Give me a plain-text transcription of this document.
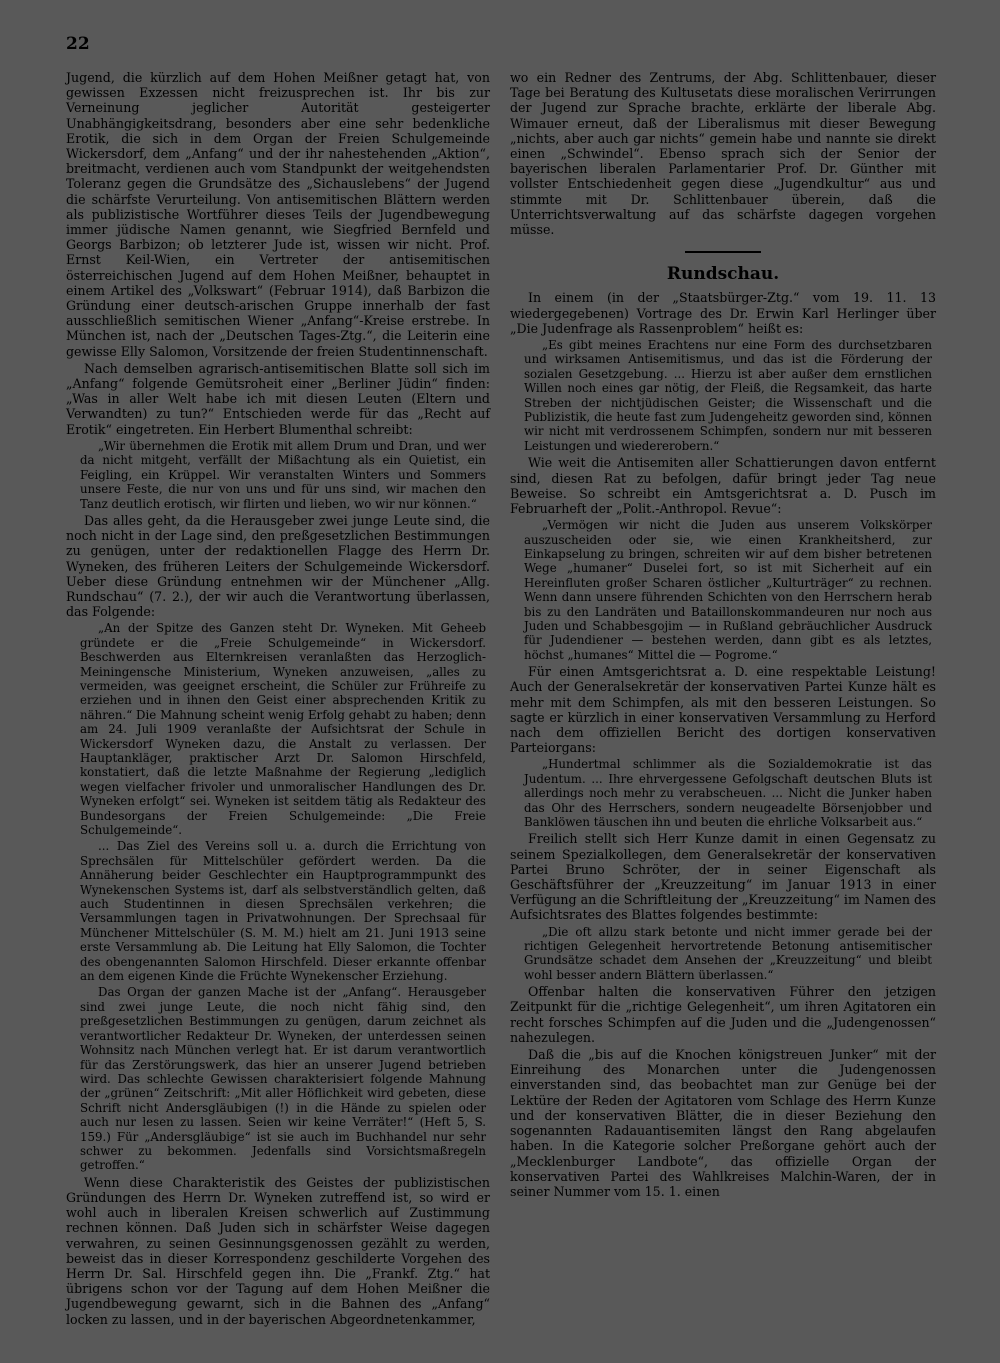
22

Jugend, die kürzlich auf dem Hohen Meißner getagt hat, von gewissen Exzessen nicht freizusprechen ist. Ihr bis zur Verneinung jeglicher Autorität gesteigerter Unabhängigkeitsdrang, besonders aber eine sehr bedenkliche Erotik, die sich in dem Organ der Freien Schulgemeinde Wickersdorf, dem „Anfang“ und der ihr nahestehenden „Aktion“, breitmacht, verdienen auch vom Standpunkt der weitgehendsten Toleranz gegen die Grundsätze des „Sichauslebens“ der Jugend die schärfste Verurteilung. Von antisemitischen Blättern werden als publizistische Wortführer dieses Teils der Jugendbewegung immer jüdische Namen genannt, wie Siegfried Bernfeld und Georgs Barbizon; ob letzterer Jude ist, wissen wir nicht. Prof. Ernst Keil-Wien, ein Vertreter der antisemitischen österreichischen Jugend auf dem Hohen Meißner, behauptet in einem Artikel des „Volkswart“ (Februar 1914), daß Barbizon die Gründung einer deutsch-arischen Gruppe innerhalb der fast ausschließlich semitischen Wiener „Anfang“-Kreise erstrebe. In München ist, nach der „Deutschen Tages-Ztg.“, die Leiterin eine gewisse Elly Salomon, Vorsitzende der freien Studentinnenschaft.

Nach demselben agrarisch-antisemitischen Blatte soll sich im „Anfang“ folgende Gemütsroheit einer „Berliner Jüdin“ finden: „Was in aller Welt habe ich mit diesen Leuten (Eltern und Verwandten) zu tun?“ Entschieden werde für das „Recht auf Erotik“ eingetreten. Ein Herbert Blumenthal schreibt:

„Wir übernehmen die Erotik mit allem Drum und Dran, und wer da nicht mitgeht, verfällt der Mißachtung als ein Quietist, ein Feigling, ein Krüppel. Wir veranstalten Winters und Sommers unsere Feste, die nur von uns und für uns sind, wir machen den Tanz deutlich erotisch, wir flirten und lieben, wo wir nur können.“

Das alles geht, da die Herausgeber zwei junge Leute sind, die noch nicht in der Lage sind, den preßgesetzlichen Bestimmungen zu genügen, unter der redaktionellen Flagge des Herrn Dr. Wyneken, des früheren Leiters der Schulgemeinde Wickersdorf. Ueber diese Gründung entnehmen wir der Münchener „Allg. Rundschau“ (7. 2.), der wir auch die Verantwortung überlassen, das Folgende:

„An der Spitze des Ganzen steht Dr. Wyneken. Mit Geheeb gründete er die „Freie Schulgemeinde“ in Wickersdorf. Beschwerden aus Elternkreisen veranlaßten das Herzoglich-Meiningensche Ministerium, Wyneken anzuweisen, „alles zu vermeiden, was geeignet erscheint, die Schüler zur Frühreife zu erziehen und in ihnen den Geist einer absprechenden Kritik zu nähren.“ Die Mahnung scheint wenig Erfolg gehabt zu haben; denn am 24. Juli 1909 veranlaßte der Aufsichtsrat der Schule in Wickersdorf Wyneken dazu, die Anstalt zu verlassen. Der Hauptankläger, praktischer Arzt Dr. Salomon Hirschfeld, konstatiert, daß die letzte Maßnahme der Regierung „lediglich wegen vielfacher frivoler und unmoralischer Handlungen des Dr. Wyneken erfolgt“ sei. Wyneken ist seitdem tätig als Redakteur des Bundesorgans der Freien Schulgemeinde: „Die Freie Schulgemeinde“.

... Das Ziel des Vereins soll u. a. durch die Errichtung von Sprechsälen für Mittelschüler gefördert werden. Da die Annäherung beider Geschlechter ein Hauptprogrammpunkt des Wynekenschen Systems ist, darf als selbstverständlich gelten, daß auch Studentinnen in diesen Sprechsälen verkehren; die Versammlungen tagen in Privatwohnungen. Der Sprechsaal für Münchener Mittelschüler (S. M. M.) hielt am 21. Juni 1913 seine erste Versammlung ab. Die Leitung hat Elly Salomon, die Tochter des obengenannten Salomon Hirschfeld. Dieser erkannte offenbar an dem eigenen Kinde die Früchte Wynekenscher Erziehung.

Das Organ der ganzen Mache ist der „Anfang“. Herausgeber sind zwei junge Leute, die noch nicht fähig sind, den preßgesetzlichen Bestimmungen zu genügen, darum zeichnet als verantwortlicher Redakteur Dr. Wyneken, der unterdessen seinen Wohnsitz nach München verlegt hat. Er ist darum verantwortlich für das Zerstörungswerk, das hier an unserer Jugend betrieben wird. Das schlechte Gewissen charakterisiert folgende Mahnung der „grünen“ Zeitschrift: „Mit aller Höflichkeit wird gebeten, diese Schrift nicht Andersgläubigen (!) in die Hände zu spielen oder auch nur lesen zu lassen. Seien wir keine Verräter!“ (Heft 5, S. 159.) Für „Andersgläubige“ ist sie auch im Buchhandel nur sehr schwer zu bekommen. Jedenfalls sind Vorsichtsmaßregeln getroffen.“

Wenn diese Charakteristik des Geistes der publizistischen Gründungen des Herrn Dr. Wyneken zutreffend ist, so wird er wohl auch in liberalen Kreisen schwerlich auf Zustimmung rechnen können. Daß Juden sich in schärfster Weise dagegen verwahren, zu seinen Gesinnungsgenossen gezählt zu werden, beweist das in dieser Korrespondenz geschilderte Vorgehen des Herrn Dr. Sal. Hirschfeld gegen ihn. Die „Frankf. Ztg.“ hat übrigens schon vor der Tagung auf dem Hohen Meißner die Jugendbewegung gewarnt, sich in die Bahnen des „Anfang“ locken zu lassen, und in der bayerischen Abgeordnetenkammer,

wo ein Redner des Zentrums, der Abg. Schlittenbauer, dieser Tage bei Beratung des Kultusetats diese moralischen Verirrungen der Jugend zur Sprache brachte, erklärte der liberale Abg. Wimauer erneut, daß der Liberalismus mit dieser Bewegung „nichts, aber auch gar nichts“ gemein habe und nannte sie direkt einen „Schwindel“. Ebenso sprach sich der Senior der bayerischen liberalen Parlamentarier Prof. Dr. Günther mit vollster Entschiedenheit gegen diese „Jugendkultur“ aus und stimmte mit Dr. Schlittenbauer überein, daß die Unterrichtsverwaltung auf das schärfste dagegen vorgehen müsse.

Rundschau.

In einem (in der „Staatsbürger-Ztg.“ vom 19. 11. 13 wiedergegebenen) Vortrage des Dr. Erwin Karl Herlinger über „Die Judenfrage als Rassenproblem“ heißt es:

„Es gibt meines Erachtens nur eine Form des durchsetzbaren und wirksamen Antisemitismus, und das ist die Förderung der sozialen Gesetzgebung. ... Hierzu ist aber außer dem ernstlichen Willen noch eines gar nötig, der Fleiß, die Regsamkeit, das harte Streben der nichtjüdischen Geister; die Wissenschaft und die Publizistik, die heute fast zum Judengeheitz geworden sind, können wir nicht mit verdrossenem Schimpfen, sondern nur mit besseren Leistungen und wiedererobern.“

Wie weit die Antisemiten aller Schattierungen davon entfernt sind, diesen Rat zu befolgen, dafür bringt jeder Tag neue Beweise. So schreibt ein Amtsgerichtsrat a. D. Pusch im Februarheft der „Polit.-Anthropol. Revue“:

„Vermögen wir nicht die Juden aus unserem Volkskörper auszuscheiden oder sie, wie einen Krankheitsherd, zur Einkapselung zu bringen, schreiten wir auf dem bisher betretenen Wege „humaner“ Duselei fort, so ist mit Sicherheit auf ein Hereinfluten großer Scharen östlicher „Kulturträger“ zu rechnen. Wenn dann unsere führenden Schichten von den Herrschern herab bis zu den Landräten und Bataillonskommandeuren nur noch aus Juden und Schabbesgojim — in Rußland gebräuchlicher Ausdruck für Judendiener — bestehen werden, dann gibt es als letztes, höchst „humanes“ Mittel die — Pogrome.“

Für einen Amtsgerichtsrat a. D. eine respektable Leistung! Auch der Generalsekretär der konservativen Partei Kunze hält es mehr mit dem Schimpfen, als mit den besseren Leistungen. So sagte er kürzlich in einer konservativen Versammlung zu Herford nach dem offiziellen Bericht des dortigen konservativen Parteiorgans:

„Hundertmal schlimmer als die Sozialdemokratie ist das Judentum. ... Ihre ehrvergessene Gefolgschaft deutschen Bluts ist allerdings noch mehr zu verabscheuen. ... Nicht die Junker haben das Ohr des Herrschers, sondern neugeadelte Börsenjobber und Banklöwen täuschen ihn und beuten die ehrliche Volksarbeit aus.“

Freilich stellt sich Herr Kunze damit in einen Gegensatz zu seinem Spezialkollegen, dem Generalsekretär der konservativen Partei Bruno Schröter, der in seiner Eigenschaft als Geschäftsführer der „Kreuzzeitung“ im Januar 1913 in einer Verfügung an die Schriftleitung der „Kreuzzeitung“ im Namen des Aufsichtsrates des Blattes folgendes bestimmte:

„Die oft allzu stark betonte und nicht immer gerade bei der richtigen Gelegenheit hervortretende Betonung antisemitischer Grundsätze schadet dem Ansehen der „Kreuzzeitung“ und bleibt wohl besser andern Blättern überlassen.“

Offenbar halten die konservativen Führer den jetzigen Zeitpunkt für die „richtige Gelegenheit“, um ihren Agitatoren ein recht forsches Schimpfen auf die Juden und die „Judengenossen“ nahezulegen.

Daß die „bis auf die Knochen königstreuen Junker“ mit der Einreihung des Monarchen unter die Judengenossen einverstanden sind, das beobachtet man zur Genüge bei der Lektüre der Reden der Agitatoren vom Schlage des Herrn Kunze und der konservativen Blätter, die in dieser Beziehung den sogenannten Radauantisemiten längst den Rang abgelaufen haben. In die Kategorie solcher Preßorgane gehört auch der „Mecklenburger Landbote“, das offizielle Organ der konservativen Partei des Wahlkreises Malchin-Waren, der in seiner Nummer vom 15. 1. einen
